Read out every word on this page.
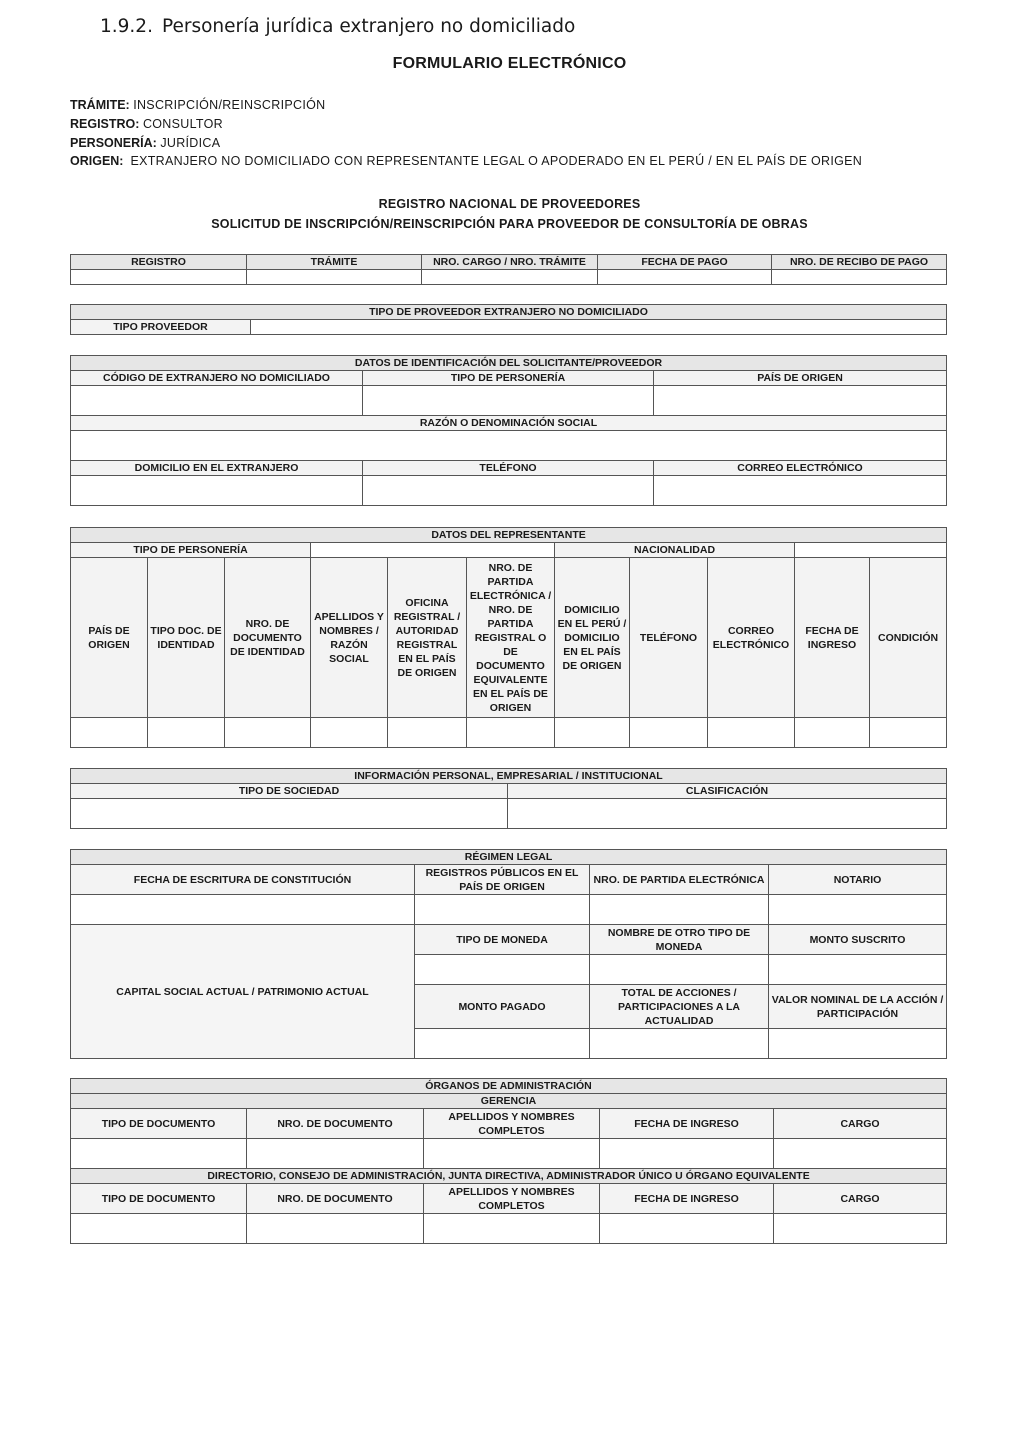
1.9.2. Personería jurídica extranjero no domiciliado
FORMULARIO ELECTRÓNICO
TRÁMITE: INSCRIPCIÓN/REINSCRIPCIÓN
REGISTRO: CONSULTOR
PERSONERÍA: JURÍDICA
ORIGEN: EXTRANJERO NO DOMICILIADO CON REPRESENTANTE LEGAL O APODERADO EN EL PERÚ / EN EL PAÍS DE ORIGEN
REGISTRO NACIONAL DE PROVEEDORES
SOLICITUD DE INSCRIPCIÓN/REINSCRIPCIÓN PARA PROVEEDOR DE CONSULTORÍA DE OBRAS
REGISTRO	TRÁMITE	NRO. CARGO / NRO. TRÁMITE	FECHA DE PAGO	NRO. DE RECIBO DE PAGO

TIPO DE PROVEEDOR EXTRANJERO NO DOMICILIADO
TIPO PROVEEDOR	
DATOS DE IDENTIFICACIÓN DEL SOLICITANTE/PROVEEDOR		
CÓDIGO DE EXTRANJERO NO DOMICILIADO	TIPO DE PERSONERÍA	PAÍS DE ORIGEN

RAZÓN O DENOMINACIÓN SOCIAL		

DOMICILIO EN EL EXTRANJERO	TELÉFONO	CORREO ELECTRÓNICO

DATOS DEL REPRESENTANTE										
TIPO DE PERSONERÍA						NACIONALIDAD				
PAÍS DE ORIGEN	TIPO DOC. DE IDENTIDAD	NRO. DE DOCUMENTO DE IDENTIDAD	APELLIDOS Y NOMBRES / RAZÓN SOCIAL	OFICINA REGISTRAL / AUTORIDAD REGISTRAL EN EL PAÍS DE ORIGEN	NRO. DE PARTIDA ELECTRÓNICA / NRO. DE PARTIDA REGISTRAL O DE DOCUMENTO EQUIVALENTE EN EL PAÍS DE ORIGEN	DOMICILIO EN EL PERÚ / DOMICILIO EN EL PAÍS DE ORIGEN	TELÉFONO	CORREO ELECTRÓNICO	FECHA DE INGRESO	CONDICIÓN

INFORMACIÓN PERSONAL, EMPRESARIAL / INSTITUCIONAL	
TIPO DE SOCIEDAD	CLASIFICACIÓN

RÉGIMEN LEGAL			
FECHA DE ESCRITURA DE CONSTITUCIÓN	REGISTROS PÚBLICOS EN EL PAÍS DE ORIGEN	NRO. DE PARTIDA ELECTRÓNICA	NOTARIO

CAPITAL SOCIAL ACTUAL / PATRIMONIO ACTUAL	TIPO DE MONEDA	NOMBRE DE OTRO TIPO DE MONEDA	MONTO SUSCRITO

	MONTO PAGADO	TOTAL DE ACCIONES / PARTICIPACIONES A LA ACTUALIDAD	VALOR NOMINAL DE LA ACCIÓN / PARTICIPACIÓN

ÓRGANOS DE ADMINISTRACIÓN				
GERENCIA				
TIPO DE DOCUMENTO	NRO. DE DOCUMENTO	APELLIDOS Y NOMBRES COMPLETOS	FECHA DE INGRESO	CARGO

DIRECTORIO, CONSEJO DE ADMINISTRACIÓN, JUNTA DIRECTIVA, ADMINISTRADOR ÚNICO U ÓRGANO EQUIVALENTE				
TIPO DE DOCUMENTO	NRO. DE DOCUMENTO	APELLIDOS Y NOMBRES COMPLETOS	FECHA DE INGRESO	CARGO
